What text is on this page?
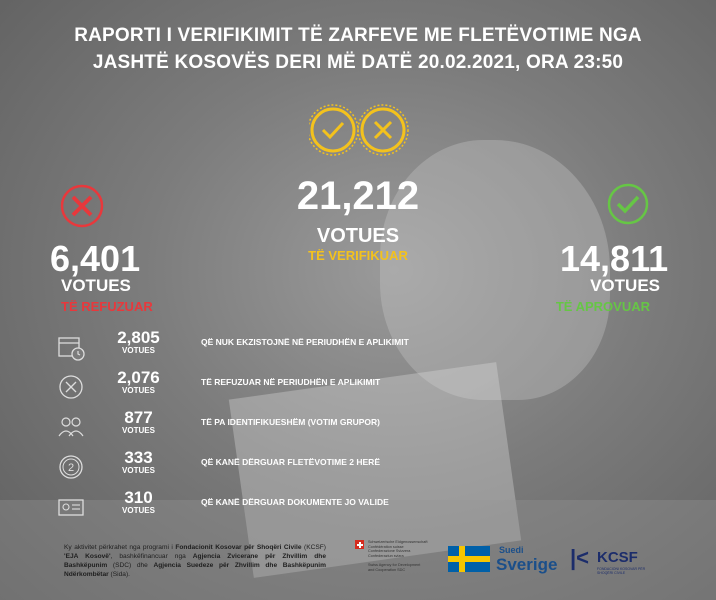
RAPORTI I VERIFIKIMIT TË ZARFEVE ME FLETËVOTIME NGA
JASHTË KOSOVËS DERI MË DATË 20.02.2021, ORA 23:50
21,212
VOTUES
TË VERIFIKUAR
6,401
VOTUES
TË REFUZUAR
14,811
VOTUES
TË APROVUAR
2,805
VOTUES
QË NUK EKZISTOJNË NË PERIUDHËN E APLIKIMIT
2,076
VOTUES
TË REFUZUAR NË PERIUDHËN E APLIKIMIT
877
VOTUES
TË PA IDENTIFIKUESHËM (VOTIM GRUPOR)
2
333
VOTUES
QË KANË DËRGUAR FLETËVOTIME 2 HERË
310
VOTUES
QË KANË DËRGUAR DOKUMENTE JO VALIDE
Ky aktivitet përkrahet nga programi i Fondacionit Kosovar për Shoqëri Civile (KCSF) 'EJA Kosovë', bashkëfinancuar nga Agjencia Zvicerane për Zhvillim dhe Bashkëpunim (SDC) dhe Agjencia Suedeze për Zhvillim dhe Bashkëpunim Ndërkombëtar (Sida).
Schweizerische Eidgenossenschaft
Confédération suisse
Confederazione Svizzera
Confederaziun svizra

Swiss Agency for Development
and Cooperation SDC
Suedi
Sverige |< KCSF
FONDACIONI KOSOVAR PËR SHOQËRI CIVILE
